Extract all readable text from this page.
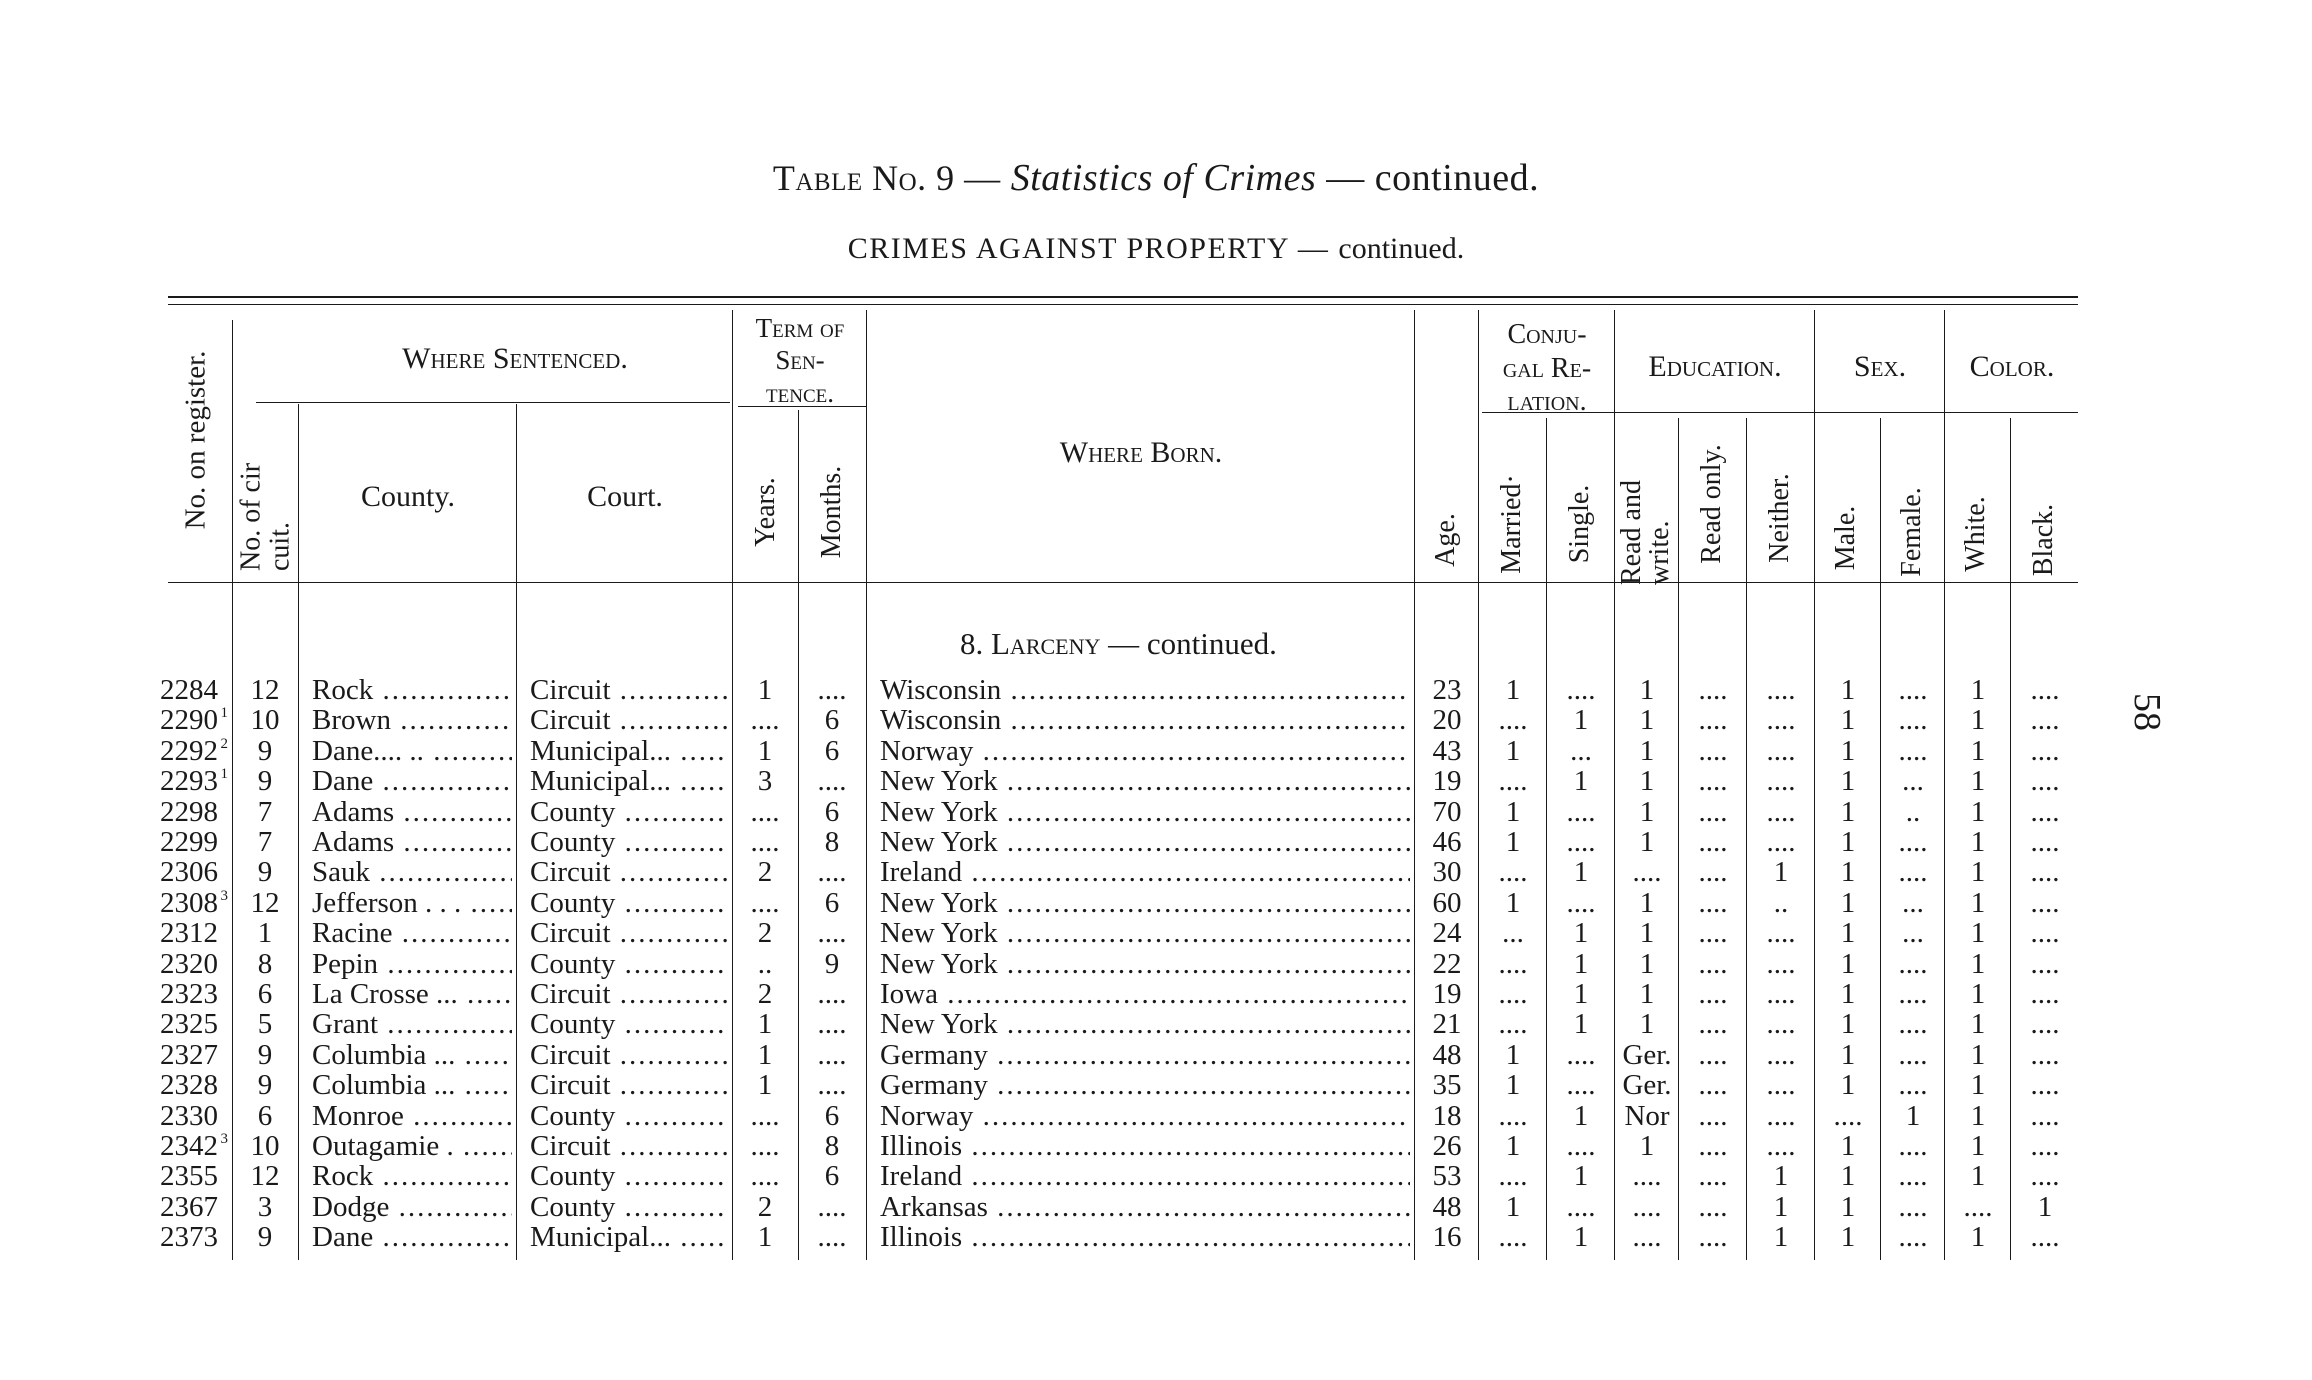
Table No. 9 — Statistics of Crimes — continued.
CRIMES AGAINST PROPERTY — continued.
No. on register.	Where Sentenced.
No. of cir cuit.
County.	Court.
Term of
Sen-
tence.
Years. Months.
Where Born.
Age.
Conju-
gal Re-
lation.
Married· Single.
Education.
Read and
write. Read only. Neither.
Sex.
Male. Female.
Color.
White. Black.
8. Larceny — continued.
2284	12	Rock .....	Circuit .....	1	....	Wisconsin .....	23	1	....	1	....	....	1	....	1	....
2290 $^1$ 10	Brown .....	Circuit .....	....	6	Wisconsin .....	20	....	1	1	....	....	1	....	1	....
2292 $^2$	9	Dane.... .. .....	Municipal... .....	1	6	Norway .....	43	1	...	1	....	....	1	....	1	....
2293 $^1$	9	Dane .....	Municipal... .....	3	....	New York .....	19	....	1	1	....	....	1	...	1	....
2298	7	Adams .....	County .....	....	6	New York .....	70	1	....	1	....	....	1	..	1	....
2299	7	Adams .....	County .....	....	8	New York .....	46	1	....	1	....	....	1	....	1	....
2306	9	Sauk .....	Circuit .....	2	....	Ireland .....	30	....	1	....	....	1	1	....	1	....
2308 $^3$ 12	Jefferson . . . .....	County .....	....	6	New York .....	60	1	....	1	....	..	1	...	1	....
2312	1	Racine .....	Circuit .....	2	....	New York .....	24	...	1	1	....	....	1	...	1	....
2320	8	Pepin .....	County .....	..	9	New York .....	22	....	1	1	....	....	1	....	1	....
2323	6	La Crosse ... .....	Circuit .....	2	....	Iowa .....	19	....	1	1	....	....	1	....	1	....
2325	5	Grant .....	County .....	1	....	New York .....	21	....	1	1	....	....	1	....	1	....
2327	9	Columbia ... .....	Circuit .....	1	....	Germany .....	48	1	.... Ger. ....	....	1	....	1	....
2328	9	Columbia ... .....	Circuit .....	1	....	Germany .....	35	1	.... Ger. ....	....	1	....	1	....
2330	6	Monroe .....	County .....	....	6	Norway .....	18	....	1	Nor ....	....	....	1	1	....
2342 $^3$ 10	Outagamie . .....	Circuit .....	....	8	Illinois .....	26	1	....	1	....	....	1	....	1	....
2355	12	Rock .....	County .....	....	6	Ireland .....	53	....	1	....	....	1	1	....	1	....
2367	3	Dodge .....	County .....	2	....	Arkansas .....	48	1	....	....	....	1	1	....	....	1
2373	9	Dane .....	Municipal... .....	1	....	Illinois .....	16	....	1	....	....	1	1	....	1	....
58
